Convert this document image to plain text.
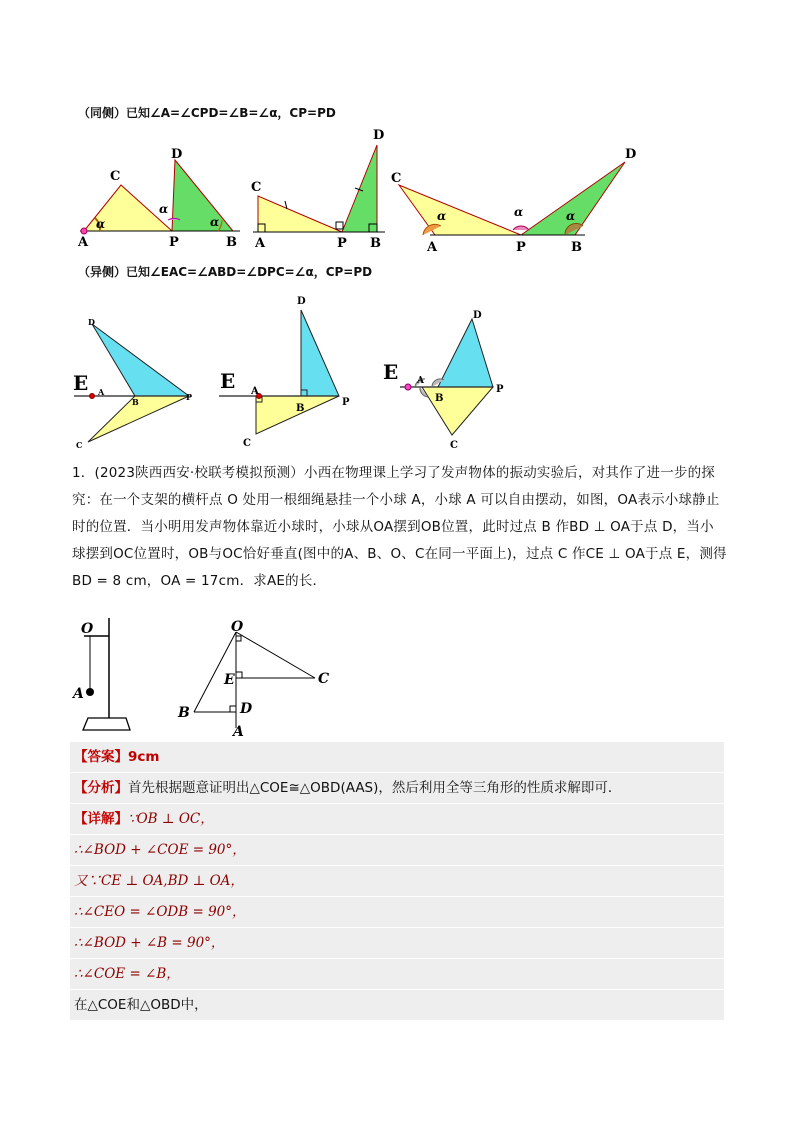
（同侧）已知∠A=∠CPD=∠B=∠α，CP=PD
A
C
D
P	B
α
α
α
C
A	P B
D
C
D
A	P	B
α	α	α
（异侧）已知∠EAC=∠ABD=∠DPC=∠α，CP=PD
E
D
A
B	P
C
E
D
A
B
P
C
E
D
A
B
P
C
1．(2023陕西西安·校联考模拟预测）小西在物理课上学习了发声物体的振动实验后，对其作了进一步的探究：在一个支架的横杆点 O 处用一根细绳悬挂一个小球 A，小球 A 可以自由摆动，如图，OA表示小球静止时的位置．当小明用发声物体靠近小球时，小球从OA摆到OB位置，此时过点 B 作BD ⊥ OA于点 D，当小球摆到OC位置时，OB与OC恰好垂直(图中的A、B、O、C在同一平面上)，过点 C 作CE ⊥ OA于点 E，测得BD = 8 cm，OA = 17cm．求AE的长．
O
A
O
E	C
B	D
A
【答案】9cm
【分析】首先根据题意证明出△COE≅△OBD(AAS)，然后利用全等三角形的性质求解即可．
【详解】∵OB ⊥ OC，
∴∠BOD + ∠COE = 90°，
又∵CE ⊥ OA,BD ⊥ OA，
∴∠CEO = ∠ODB = 90°，
∴∠BOD + ∠B = 90°，
∴∠COE = ∠B，
在△COE和△OBD中，
